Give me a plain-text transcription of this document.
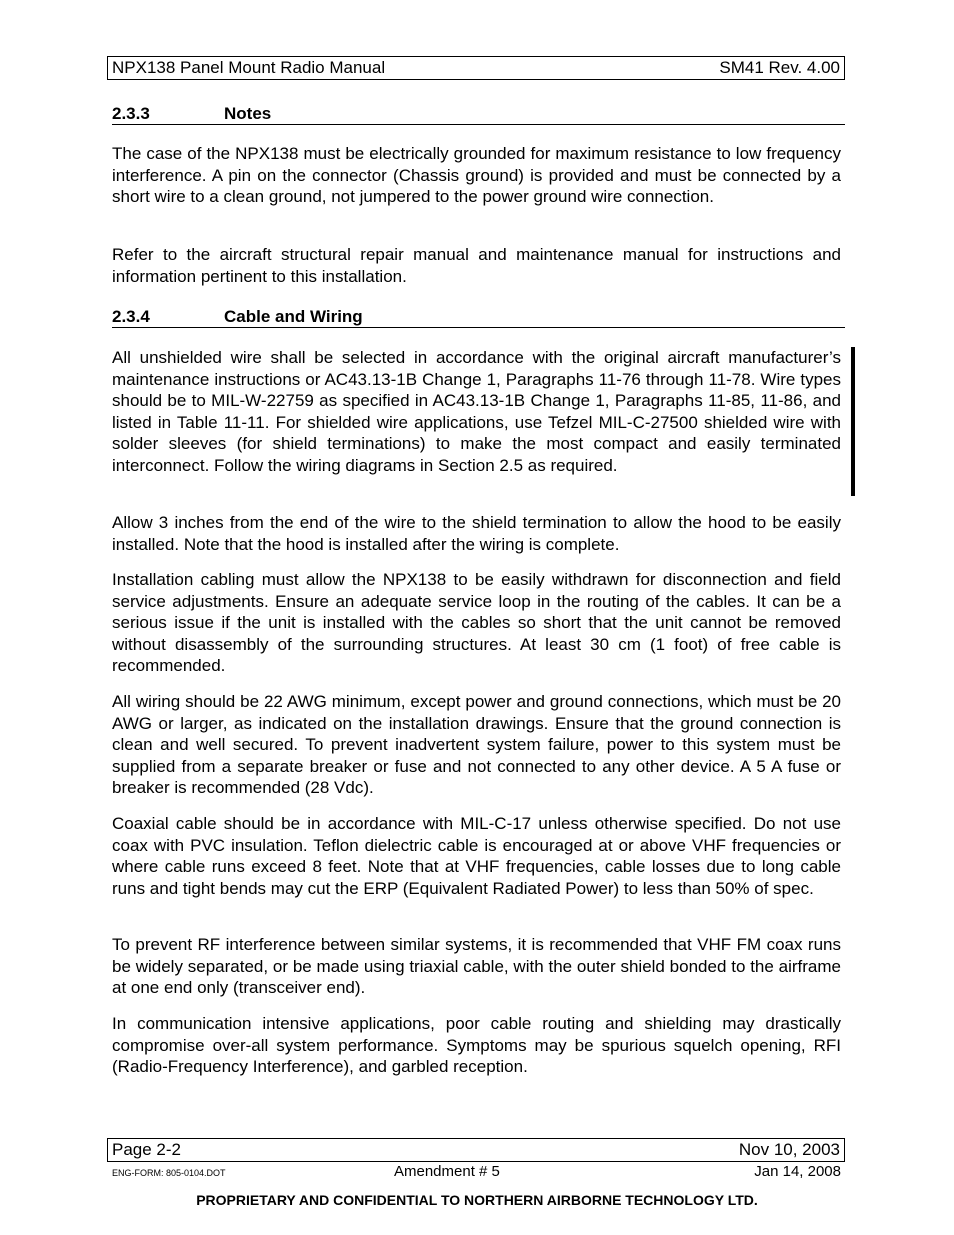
NPX138 Panel Mount Radio Manual	SM41 Rev. 4.00
2.3.3	Notes

The case of the NPX138 must be electrically grounded for maximum resistance to low frequency interference. A pin on the connector (Chassis ground) is provided and must be connected by a short wire to a clean ground, not jumpered to the power ground wire connection.

Refer to the aircraft structural repair manual and maintenance manual for instructions and information pertinent to this installation.

2.3.4	Cable and Wiring

All unshielded wire shall be selected in accordance with the original aircraft manufacturer’s maintenance instructions or AC43.13-1B Change 1, Paragraphs 11-76 through 11-78. Wire types should be to MIL-W-22759 as specified in AC43.13-1B Change 1, Paragraphs 11-85, 11-86, and listed in Table 11-11. For shielded wire applications, use Tefzel MIL-C-27500 shielded wire with solder sleeves (for shield terminations) to make the most compact and easily terminated interconnect. Follow the wiring diagrams in Section 2.5 as required.

Allow 3 inches from the end of the wire to the shield termination to allow the hood to be easily installed. Note that the hood is installed after the wiring is complete.

Installation cabling must allow the NPX138 to be easily withdrawn for disconnection and field service adjustments. Ensure an adequate service loop in the routing of the cables. It can be a serious issue if the unit is installed with the cables so short that the unit cannot be removed without disassembly of the surrounding structures. At least 30 cm (1 foot) of free cable is recommended.

All wiring should be 22 AWG minimum, except power and ground connections, which must be 20 AWG or larger, as indicated on the installation drawings. Ensure that the ground connection is clean and well secured. To prevent inadvertent system failure, power to this system must be supplied from a separate breaker or fuse and not connected to any other device. A 5 A fuse or breaker is recommended (28 Vdc).

Coaxial cable should be in accordance with MIL-C-17 unless otherwise specified. Do not use coax with PVC insulation. Teflon dielectric cable is encouraged at or above VHF frequencies or where cable runs exceed 8 feet. Note that at VHF frequencies, cable losses due to long cable runs and tight bends may cut the ERP (Equivalent Radiated Power) to less than 50% of spec.

To prevent RF interference between similar systems, it is recommended that VHF FM coax runs be widely separated, or be made using triaxial cable, with the outer shield bonded to the airframe at one end only (transceiver end).

In communication intensive applications, poor cable routing and shielding may drastically compromise over-all system performance. Symptoms may be spurious squelch opening, RFI (Radio-Frequency Interference), and garbled reception.

Page 2-2	Nov 10, 2003
ENG-FORM: 805-0104.DOT	Amendment # 5	Jan 14, 2008
PROPRIETARY AND CONFIDENTIAL TO NORTHERN AIRBORNE TECHNOLOGY LTD.
